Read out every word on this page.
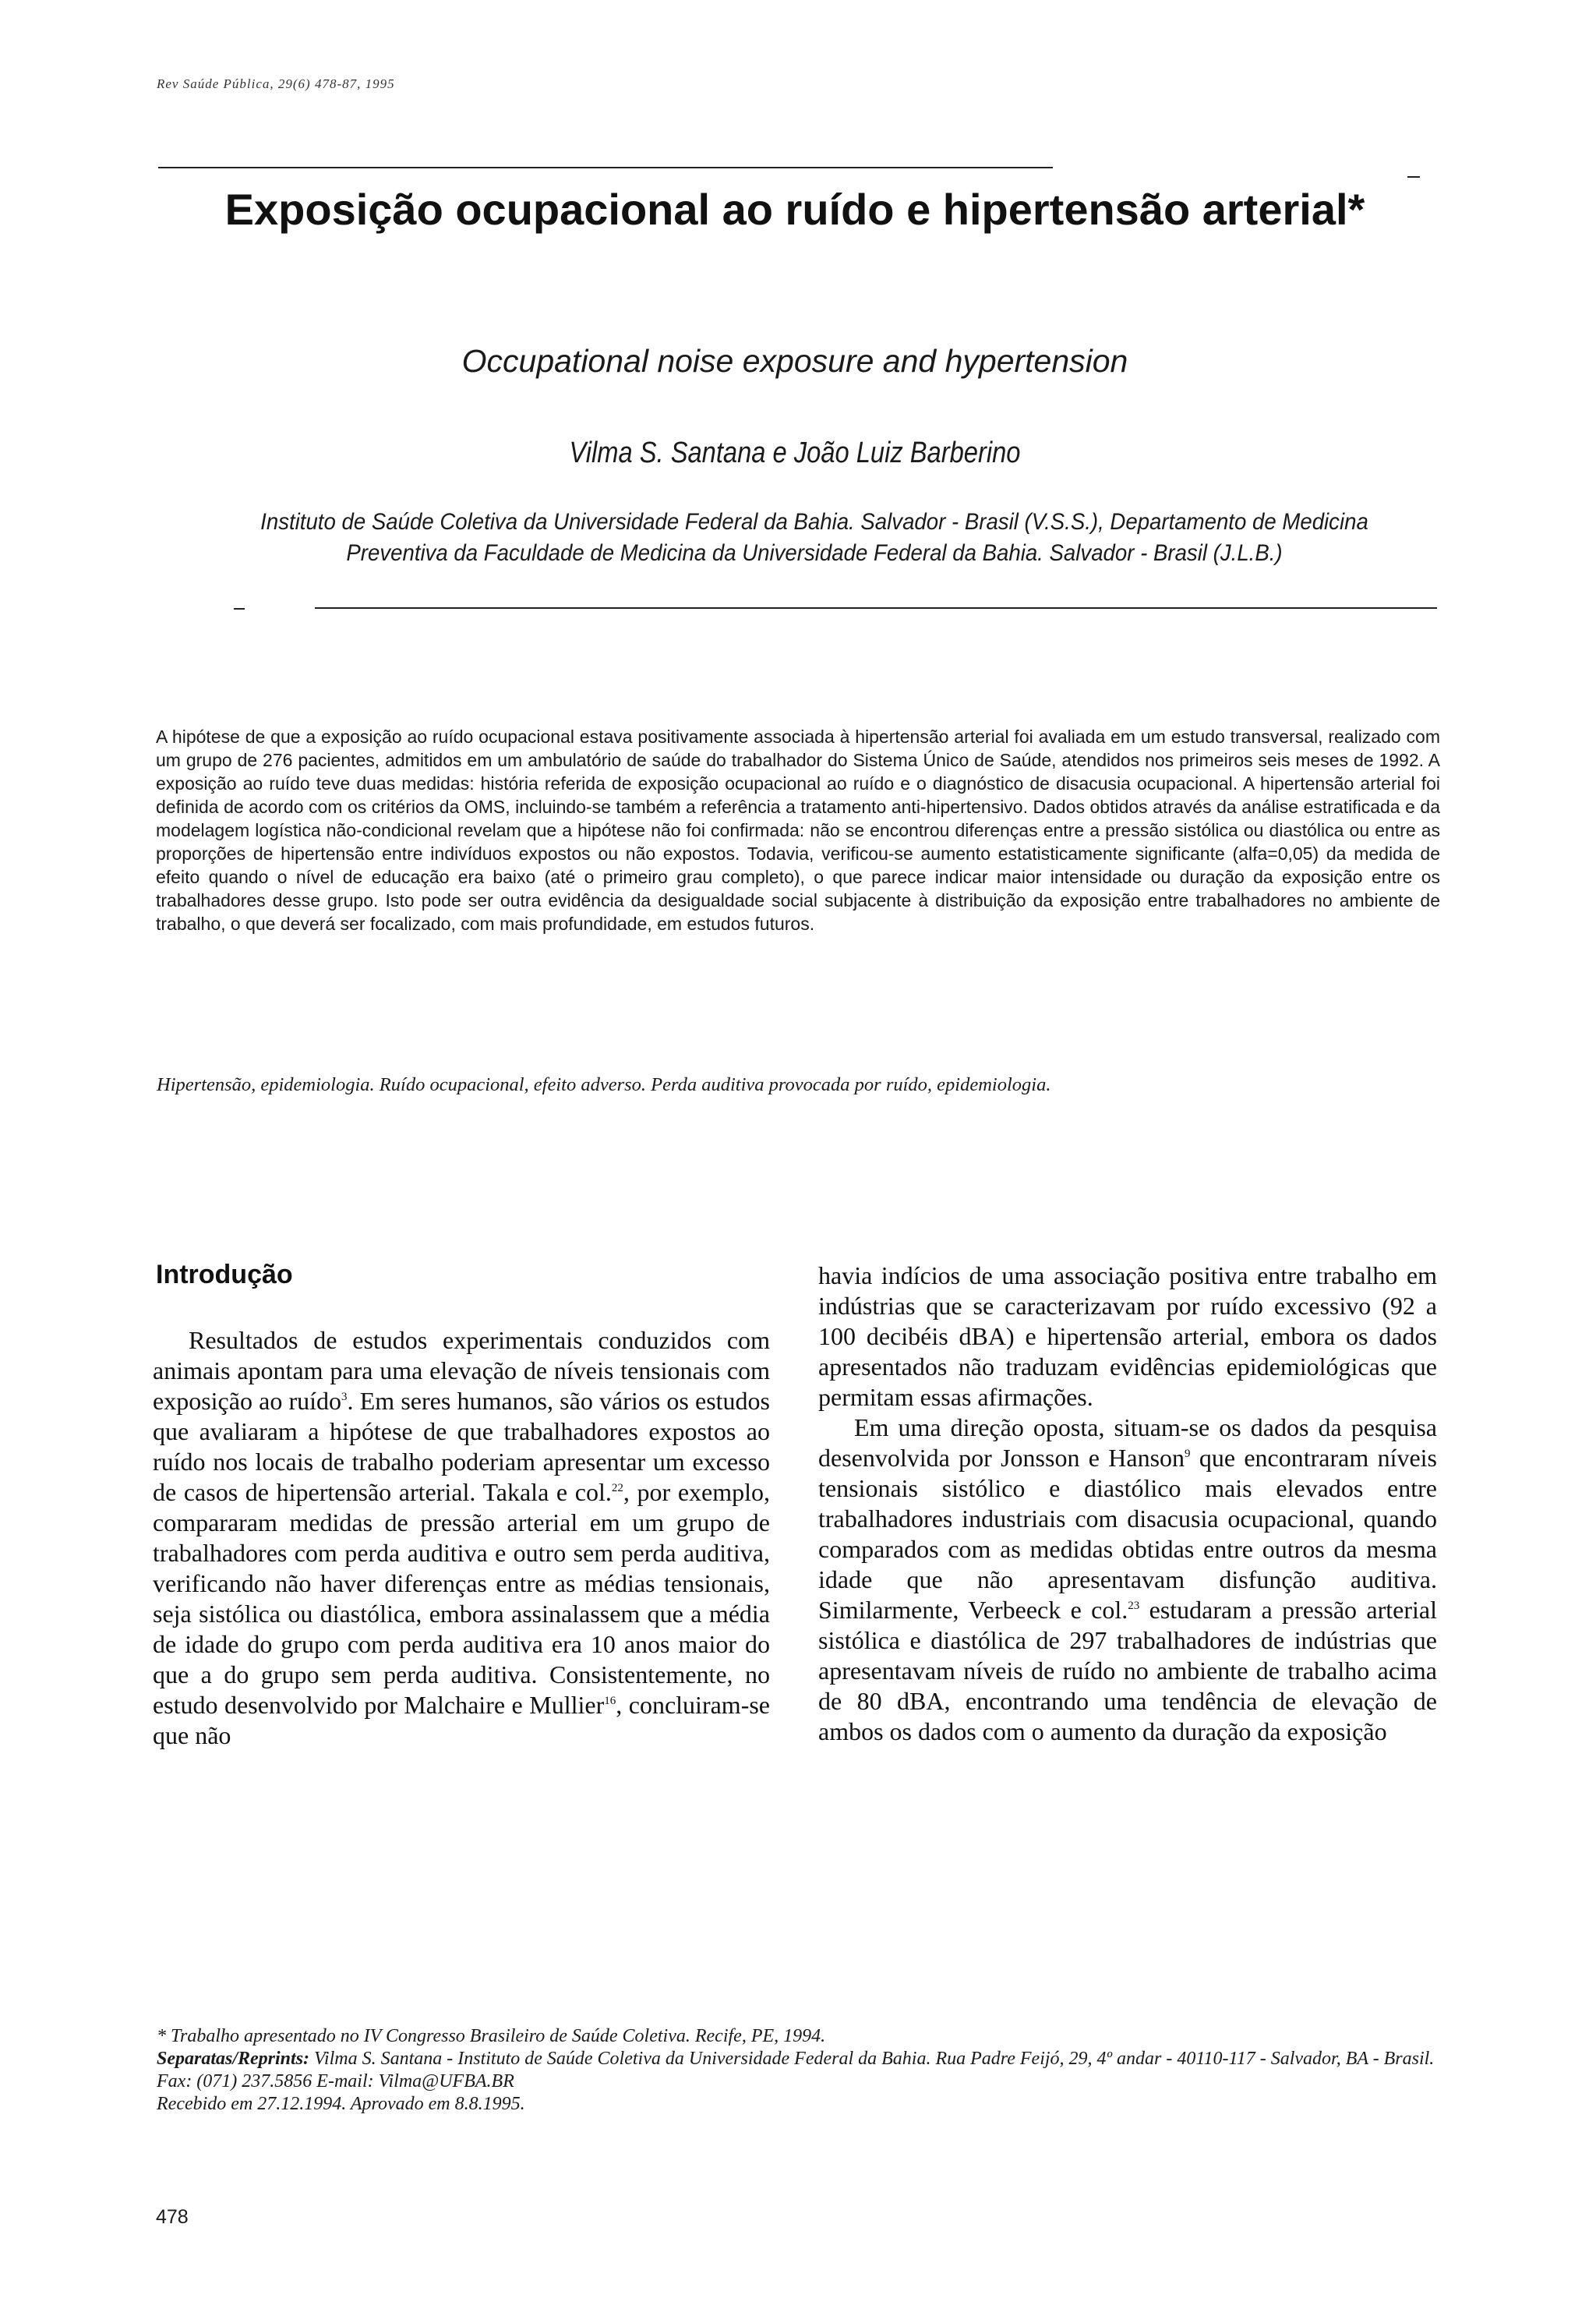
Rev Saúde Pública, 29(6) 478-87, 1995
Exposição ocupacional ao ruído e hipertensão arterial*
Occupational noise exposure and hypertension
Vilma S. Santana e João Luiz Barberino
Instituto de Saúde Coletiva da Universidade Federal da Bahia. Salvador - Brasil (V.S.S.), Departamento de Medicina Preventiva da Faculdade de Medicina da Universidade Federal da Bahia. Salvador - Brasil (J.L.B.)
A hipótese de que a exposição ao ruído ocupacional estava positivamente associada à hipertensão arterial foi avaliada em um estudo transversal, realizado com um grupo de 276 pacientes, admitidos em um ambulatório de saúde do trabalhador do Sistema Único de Saúde, atendidos nos primeiros seis meses de 1992. A exposição ao ruído teve duas medidas: história referida de exposição ocupacional ao ruído e o diagnóstico de disacusia ocupacional. A hipertensão arterial foi definida de acordo com os critérios da OMS, incluindo-se também a referência a tratamento anti-hipertensivo. Dados obtidos através da análise estratificada e da modelagem logística não-condicional revelam que a hipótese não foi confirmada: não se encontrou diferenças entre a pressão sistólica ou diastólica ou entre as proporções de hipertensão entre indivíduos expostos ou não expostos. Todavia, verificou-se aumento estatisticamente significante (alfa=0,05) da medida de efeito quando o nível de educação era baixo (até o primeiro grau completo), o que parece indicar maior intensidade ou duração da exposição entre os trabalhadores desse grupo. Isto pode ser outra evidência da desigualdade social subjacente à distribuição da exposição entre trabalhadores no ambiente de trabalho, o que deverá ser focalizado, com mais profundidade, em estudos futuros.
Hipertensão, epidemiologia. Ruído ocupacional, efeito adverso. Perda auditiva provocada por ruído, epidemiologia.
Introdução

Resultados de estudos experimentais conduzidos com animais apontam para uma elevação de níveis tensionais com exposição ao ruído$^3$. Em seres humanos, são vários os estudos que avaliaram a hipótese de que trabalhadores expostos ao ruído nos locais de trabalho poderiam apresentar um excesso de casos de hipertensão arterial. Takala e col.$^{22}$, por exemplo, compararam medidas de pressão arterial em um grupo de trabalhadores com perda auditiva e outro sem perda auditiva, verificando não haver diferenças entre as médias tensionais, seja sistólica ou diastólica, embora assinalassem que a média de idade do grupo com perda auditiva era 10 anos maior do que a do grupo sem perda auditiva. Consistentemente, no estudo desenvolvido por Malchaire e Mullier$^{16}$, concluiram-se que não

havia indícios de uma associação positiva entre trabalho em indústrias que se caracterizavam por ruído excessivo (92 a 100 decibéis dBA) e hipertensão arterial, embora os dados apresentados não traduzam evidências epidemiológicas que permitam essas afirmações.

Em uma direção oposta, situam-se os dados da pesquisa desenvolvida por Jonsson e Hanson$^9$ que encontraram níveis tensionais sistólico e diastólico mais elevados entre trabalhadores industriais com disacusia ocupacional, quando comparados com as medidas obtidas entre outros da mesma idade que não apresentavam disfunção auditiva. Similarmente, Verbeeck e col.$^{23}$ estudaram a pressão arterial sistólica e diastólica de 297 trabalhadores de indústrias que apresentavam níveis de ruído no ambiente de trabalho acima de 80 dBA, encontrando uma tendência de elevação de ambos os dados com o aumento da duração da exposição

* Trabalho apresentado no IV Congresso Brasileiro de Saúde Coletiva. Recife, PE, 1994.
Separatas/Reprints: Vilma S. Santana - Instituto de Saúde Coletiva da Universidade Federal da Bahia. Rua Padre Feijó, 29, 4º andar - 40110-117 - Salvador, BA - Brasil. Fax: (071) 237.5856 E-mail: Vilma@UFBA.BR
Recebido em 27.12.1994. Aprovado em 8.8.1995.
478
